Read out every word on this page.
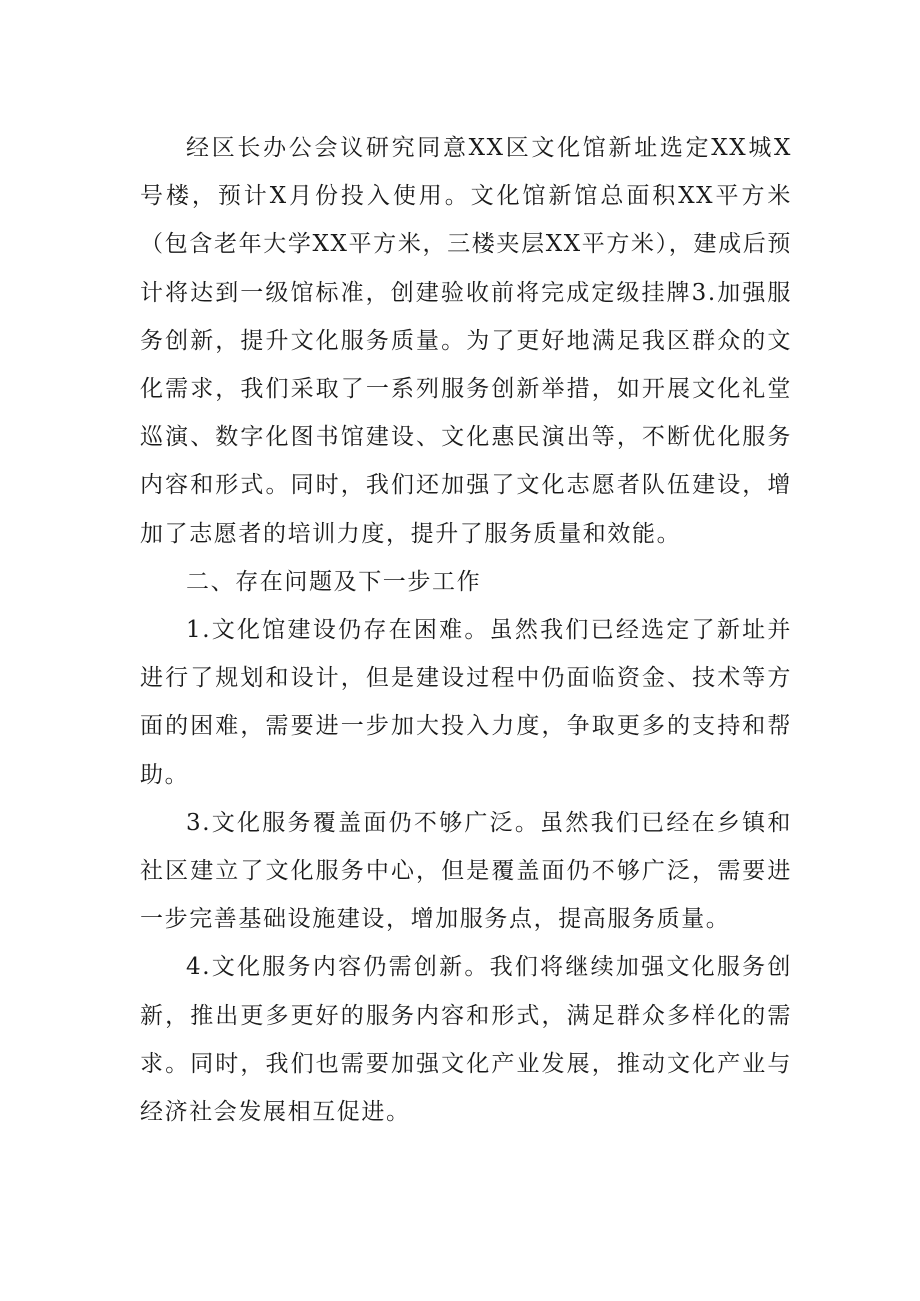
经区长办公会议研究同意XX区文化馆新址选定XX城X号楼，预计X月份投入使用。文化馆新馆总面积XX平方米（包含老年大学XX平方米，三楼夹层XX平方米），建成后预计将达到一级馆标准，创建验收前将完成定级挂牌3.加强服务创新，提升文化服务质量。为了更好地满足我区群众的文化需求，我们采取了一系列服务创新举措，如开展文化礼堂巡演、数字化图书馆建设、文化惠民演出等，不断优化服务内容和形式。同时，我们还加强了文化志愿者队伍建设，增加了志愿者的培训力度，提升了服务质量和效能。

二、存在问题及下一步工作

1.文化馆建设仍存在困难。虽然我们已经选定了新址并进行了规划和设计，但是建设过程中仍面临资金、技术等方面的困难，需要进一步加大投入力度，争取更多的支持和帮助。

3.文化服务覆盖面仍不够广泛。虽然我们已经在乡镇和社区建立了文化服务中心，但是覆盖面仍不够广泛，需要进一步完善基础设施建设，增加服务点，提高服务质量。

4.文化服务内容仍需创新。我们将继续加强文化服务创新，推出更多更好的服务内容和形式，满足群众多样化的需求。同时，我们也需要加强文化产业发展，推动文化产业与经济社会发展相互促进。
